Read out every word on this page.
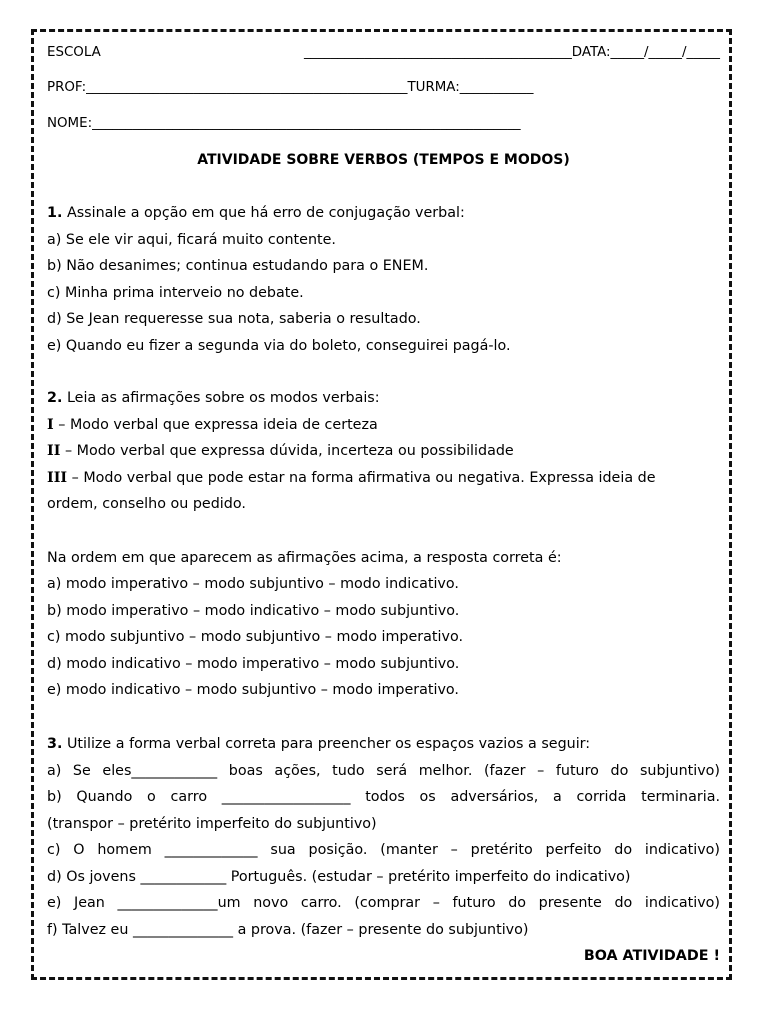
ESCOLA ________________________________________DATA:_____/_____/_____
PROF:________________________________________________TURMA:___________
NOME:________________________________________________________________
ATIVIDADE SOBRE VERBOS (TEMPOS E MODOS)
1. Assinale a opção em que há erro de conjugação verbal:
a) Se ele vir aqui, ficará muito contente.
b) Não desanimes; continua estudando para o ENEM.
c) Minha prima interveio no debate.
d) Se Jean requeresse sua nota, saberia o resultado.
e) Quando eu fizer a segunda via do boleto, conseguirei pagá-lo.
2. Leia as afirmações sobre os modos verbais:
I – Modo verbal que expressa ideia de certeza
II – Modo verbal que expressa dúvida, incerteza ou possibilidade
III – Modo verbal que pode estar na forma afirmativa ou negativa. Expressa ideia de
ordem, conselho ou pedido.
Na ordem em que aparecem as afirmações acima, a resposta correta é:
a) modo imperativo – modo subjuntivo – modo indicativo.
b) modo imperativo – modo indicativo – modo subjuntivo.
c) modo subjuntivo – modo subjuntivo – modo imperativo.
d) modo indicativo – modo imperativo – modo subjuntivo.
e) modo indicativo – modo subjuntivo – modo imperativo.
3. Utilize a forma verbal correta para preencher os espaços vazios a seguir:
a) Se eles____________ boas ações, tudo será melhor. (fazer – futuro do subjuntivo)
b) Quando o carro __________________ todos os adversários, a corrida terminaria.
(transpor – pretérito imperfeito do subjuntivo)
c) O homem _____________ sua posição. (manter – pretérito perfeito do indicativo)
d) Os jovens ____________ Português. (estudar – pretérito imperfeito do indicativo)
e) Jean ______________um novo carro. (comprar – futuro do presente do indicativo)
f) Talvez eu ______________ a prova. (fazer – presente do subjuntivo)
BOA ATIVIDADE !
